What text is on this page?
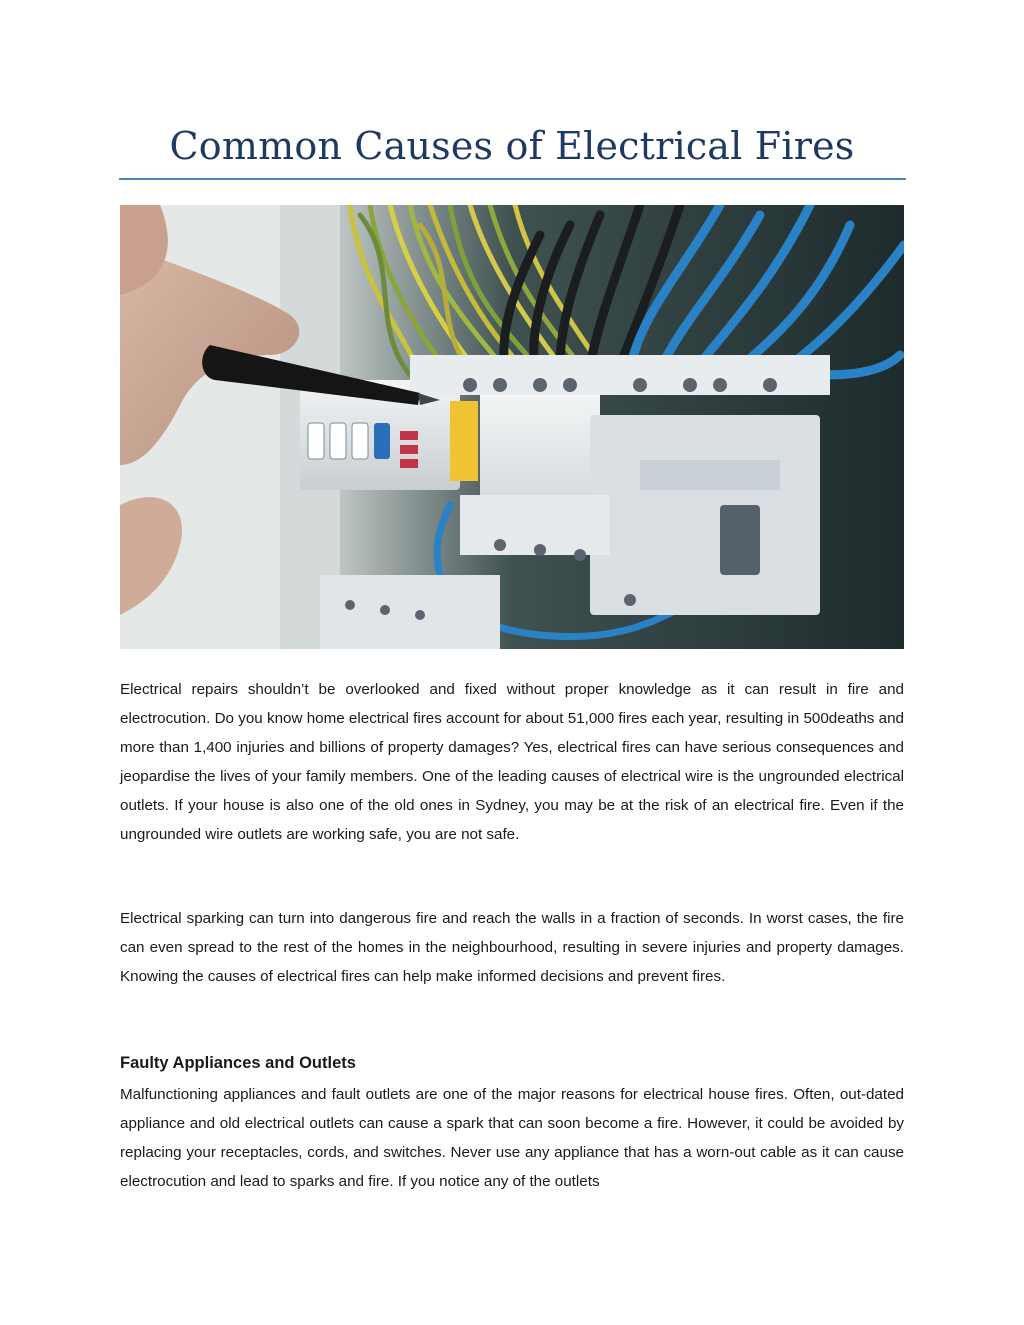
Common Causes of Electrical Fires

Electrical repairs shouldn’t be overlooked and fixed without proper knowledge as it can result in fire and electrocution. Do you know home electrical fires account for about 51,000 fires each year, resulting in 500deaths and more than 1,400 injuries and billions of property damages? Yes, electrical fires can have serious consequences and jeopardise the lives of your family members. One of the leading causes of electrical wire is the ungrounded electrical outlets. If your house is also one of the old ones in Sydney, you may be at the risk of an electrical fire. Even if the ungrounded wire outlets are working safe, you are not safe.

Electrical sparking can turn into dangerous fire and reach the walls in a fraction of seconds. In worst cases, the fire can even spread to the rest of the homes in the neighbourhood, resulting in severe injuries and property damages. Knowing the causes of electrical fires can help make informed decisions and prevent fires.

Faulty Appliances and Outlets

Malfunctioning appliances and fault outlets are one of the major reasons for electrical house fires. Often, out-dated appliance and old electrical outlets can cause a spark that can soon become a fire. However, it could be avoided by replacing your receptacles, cords, and switches. Never use any appliance that has a worn-out cable as it can cause electrocution and lead to sparks and fire. If you notice any of the outlets
